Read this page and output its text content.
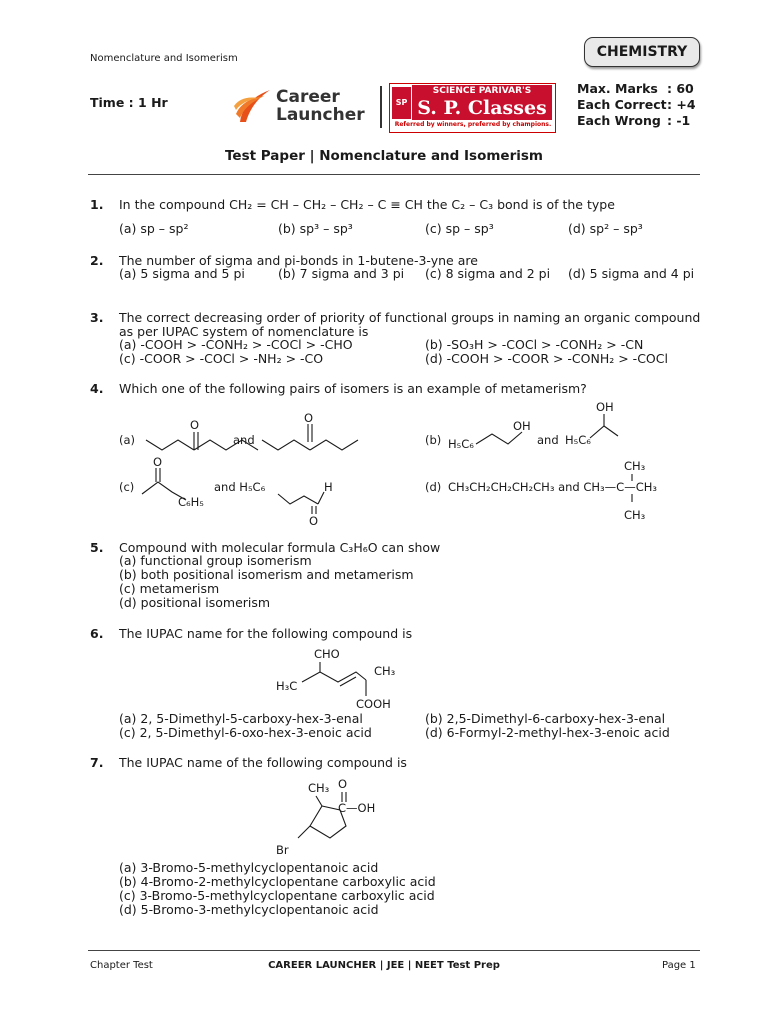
Nomenclature and Isomerism	CHEMISTRY
Time : 1 Hr	Career
Launcher
SP
SCIENCE PARIVAR'S
S. P. Classes
Referred by winners, preferred by champions.
Max. Marks : 60
Each Correct : +4
Each Wrong : -1
Test Paper | Nomenclature and Isomerism
1. In the compound CH₂ = CH – CH₂ – CH₂ – C ≡ CH the C₂ – C₃ bond is of the type
(a) sp – sp²	(b) sp³ – sp³	(c) sp – sp³	(d) sp² – sp³
2. The number of sigma and pi-bonds in 1-butene-3-yne are
(a) 5 sigma and 5 pi	(b) 7 sigma and 3 pi (c) 8 sigma and 2 pi (d) 5 sigma and 4 pi
3. The correct decreasing order of priority of functional groups in naming an organic compound
as per IUPAC system of nomenclature is
(a) -COOH > -CONH₂ > -COCl > -CHO	(b) -SO₃H > -COCl > -CONH₂ > -CN
(c) -COOR > -COCl > -NH₂ > -CO	(d) -COOH > -COOR > -CONH₂ > -COCl
4. Which one of the following pairs of isomers is an example of metamerism?
(a)
O
and
O
(b) H₅C₆
OH
and H₅C₆
OH
(c)
O
C₆H₅
and H₅C₆	H
O
(d) CH₃CH₂CH₂CH₂CH₃ and CH₃—C—CH₃
CH₃
CH₃
5. Compound with molecular formula C₃H₆O can show
(a) functional group isomerism
(b) both positional isomerism and metamerism
(c) metamerism
(d) positional isomerism
6. The IUPAC name for the following compound is
CHO
H₃C
CH₃
COOH
(a) 2, 5-Dimethyl-5-carboxy-hex-3-enal	(b) 2,5-Dimethyl-6-carboxy-hex-3-enal
(c) 2, 5-Dimethyl-6-oxo-hex-3-enoic acid	(d) 6-Formyl-2-methyl-hex-3-enoic acid
7. The IUPAC name of the following compound is
CH₃ O
C—OH
Br
(a) 3-Bromo-5-methylcyclopentanoic acid
(b) 4-Bromo-2-methylcyclopentane carboxylic acid
(c) 3-Bromo-5-methylcyclopentane carboxylic acid
(d) 5-Bromo-3-methylcyclopentanoic acid
Chapter Test	CAREER LAUNCHER | JEE | NEET Test Prep	Page 1
